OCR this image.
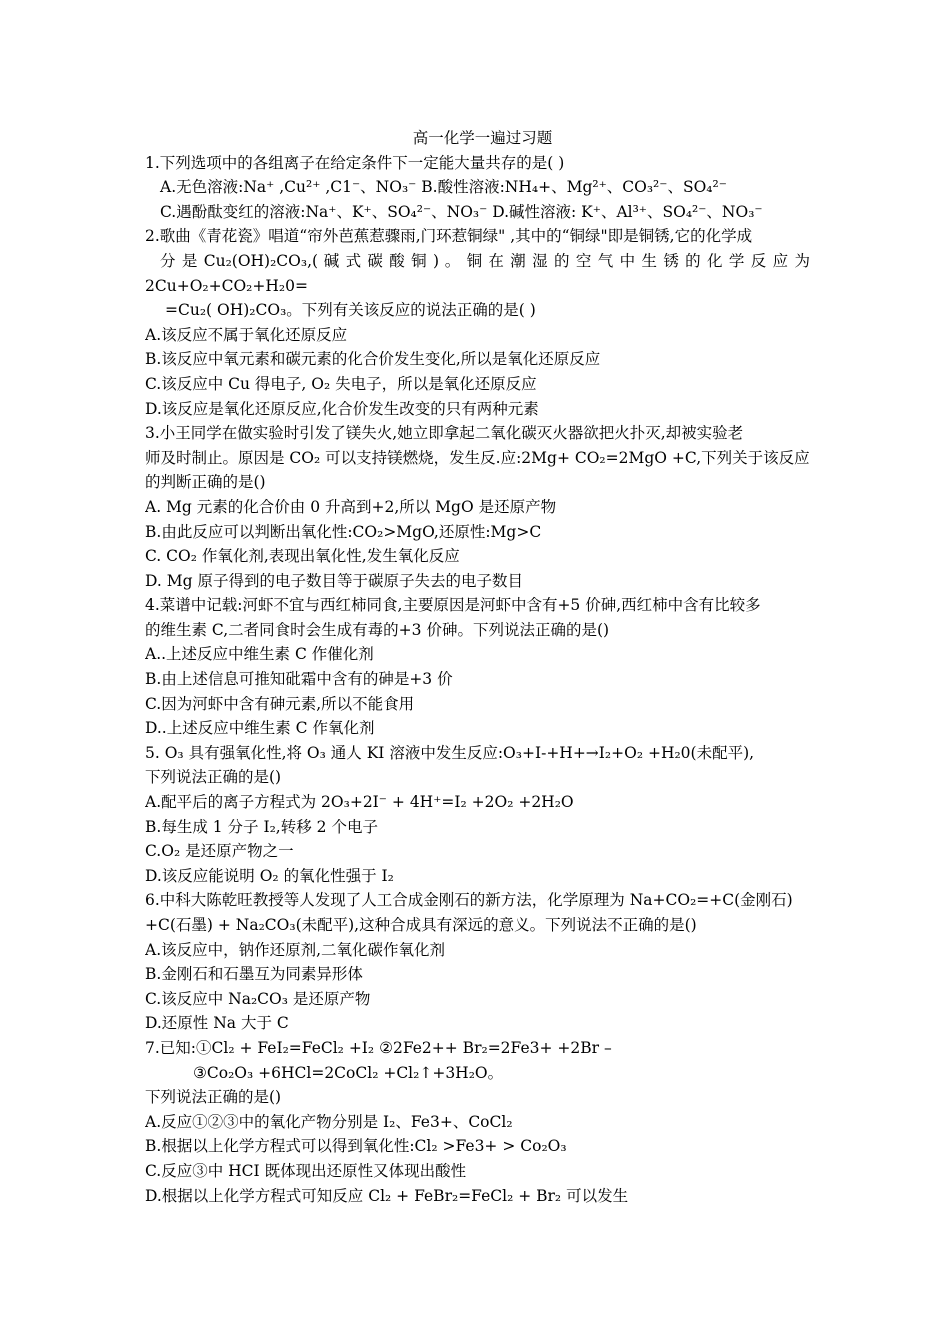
高一化学一遍过习题
1.下列选项中的各组离子在给定条件下一定能大量共存的是( )
A.无色溶液:Na⁺ ,Cu²⁺ ,C1⁻、NO₃⁻ B.酸性溶液:NH₄+、Mg²⁺、CO₃²⁻、SO₄²⁻
C.遇酚酞变红的溶液:Na⁺、K⁺、SO₄²⁻、NO₃⁻ D.碱性溶液: K⁺、Al³⁺、SO₄²⁻、NO₃⁻
2.歌曲《青花瓷》唱道“帘外芭蕉惹骤雨,门环惹铜绿" ,其中的“铜绿"即是铜锈,它的化学成
分 是 Cu₂(OH)₂CO₃,( 碱 式 碳 酸 铜 ) 。 铜 在 潮 湿 的 空 气 中 生 锈 的 化 学 反 应 为
2Cu+O₂+CO₂+H₂0=
=Cu₂( OH)₂CO₃。下列有关该反应的说法正确的是( )
A.该反应不属于氧化还原反应
B.该反应中氧元素和碳元素的化合价发生变化,所以是氧化还原反应
C.该反应中 Cu 得电子, O₂ 失电子，所以是氧化还原反应
D.该反应是氧化还原反应,化合价发生改变的只有两种元素
3.小王同学在做实验时引发了镁失火,她立即拿起二氧化碳灭火器欲把火扑灭,却被实验老
师及时制止。原因是 CO₂ 可以支持镁燃烧，发生反.应:2Mg+ CO₂=2MgO +C,下列关于该反应
的判断正确的是()
A. Mg 元素的化合价由 0 升高到+2,所以 MgO 是还原产物
B.由此反应可以判断出氧化性:CO₂>MgO,还原性:Mg>C
C. CO₂ 作氧化剂,表现出氧化性,发生氧化反应
D. Mg 原子得到的电子数目等于碳原子失去的电子数目
4.菜谱中记载:河虾不宜与西红柿同食,主要原因是河虾中含有+5 价砷,西红柿中含有比较多
的维生素 C,二者同食时会生成有毒的+3 价砷。下列说法正确的是()
A..上述反应中维生素 C 作催化剂
B.由上述信息可推知砒霜中含有的砷是+3 价
C.因为河虾中含有砷元素,所以不能食用
D..上述反应中维生素 C 作氧化剂
5. O₃ 具有强氧化性,将 O₃ 通人 KI 溶液中发生反应:O₃+I-+H+→I₂+O₂ +H₂0(未配平),
下列说法正确的是()
A.配平后的离子方程式为 2O₃+2I⁻ + 4H⁺=I₂ +2O₂ +2H₂O
B.每生成 1 分子 I₂,转移 2 个电子
C.O₂ 是还原产物之一
D.该反应能说明 O₂ 的氧化性强于 I₂
6.中科大陈乾旺教授等人发现了人工合成金刚石的新方法，化学原理为 Na+CO₂=+C(金刚石)
+C(石墨) + Na₂CO₃(未配平),这种合成具有深远的意义。下列说法不正确的是()
A.该反应中，钠作还原剂,二氧化碳作氧化剂
B.金刚石和石墨互为同素异形体
C.该反应中 Na₂CO₃ 是还原产物
D.还原性 Na 大于 C
7.已知:①Cl₂ + FeI₂=FeCl₂ +I₂ ②2Fe2++ Br₂=2Fe3+ +2Br –
③Co₂O₃ +6HCl=2CoCl₂ +Cl₂↑+3H₂O。
下列说法正确的是()
A.反应①②③中的氧化产物分别是 I₂、Fe3+、CoCl₂
B.根据以上化学方程式可以得到氧化性:Cl₂ >Fe3+ > Co₂O₃
C.反应③中 HCI 既体现出还原性又体现出酸性
D.根据以上化学方程式可知反应 Cl₂ + FeBr₂=FeCl₂ + Br₂ 可以发生
